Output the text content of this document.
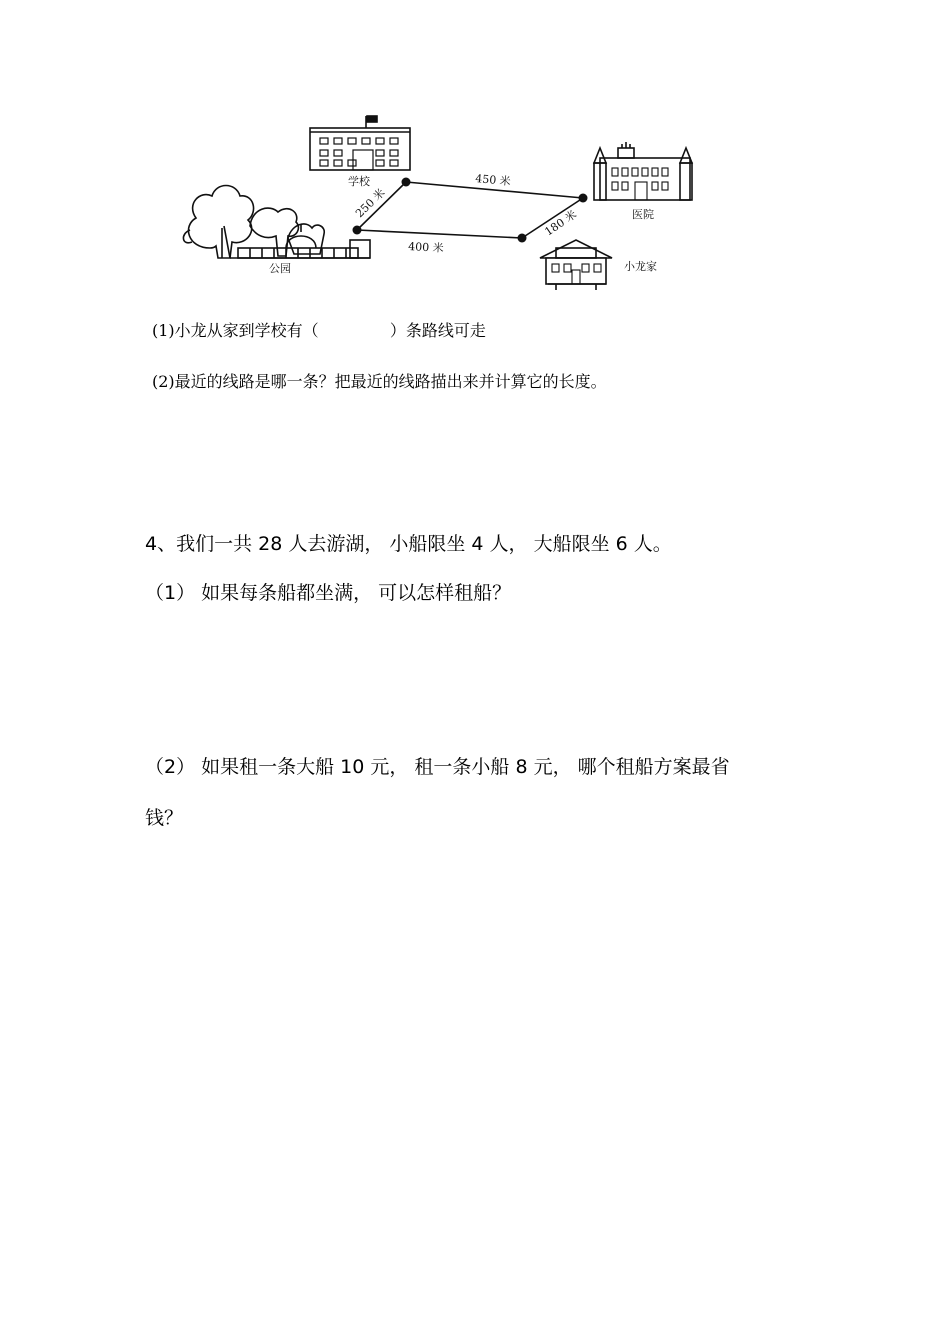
学校
医院
公园	小龙家
450 米
250 米
400 米
180 米
(1)小龙从家到学校有（              ）条路线可走
(2)最近的线路是哪一条？把最近的线路描出来并计算它的长度。
4、我们一共 28 人去游湖， 小船限坐 4 人， 大船限坐 6 人。
（1） 如果每条船都坐满， 可以怎样租船？
（2） 如果租一条大船 10 元， 租一条小船 8 元， 哪个租船方案最省
钱？
